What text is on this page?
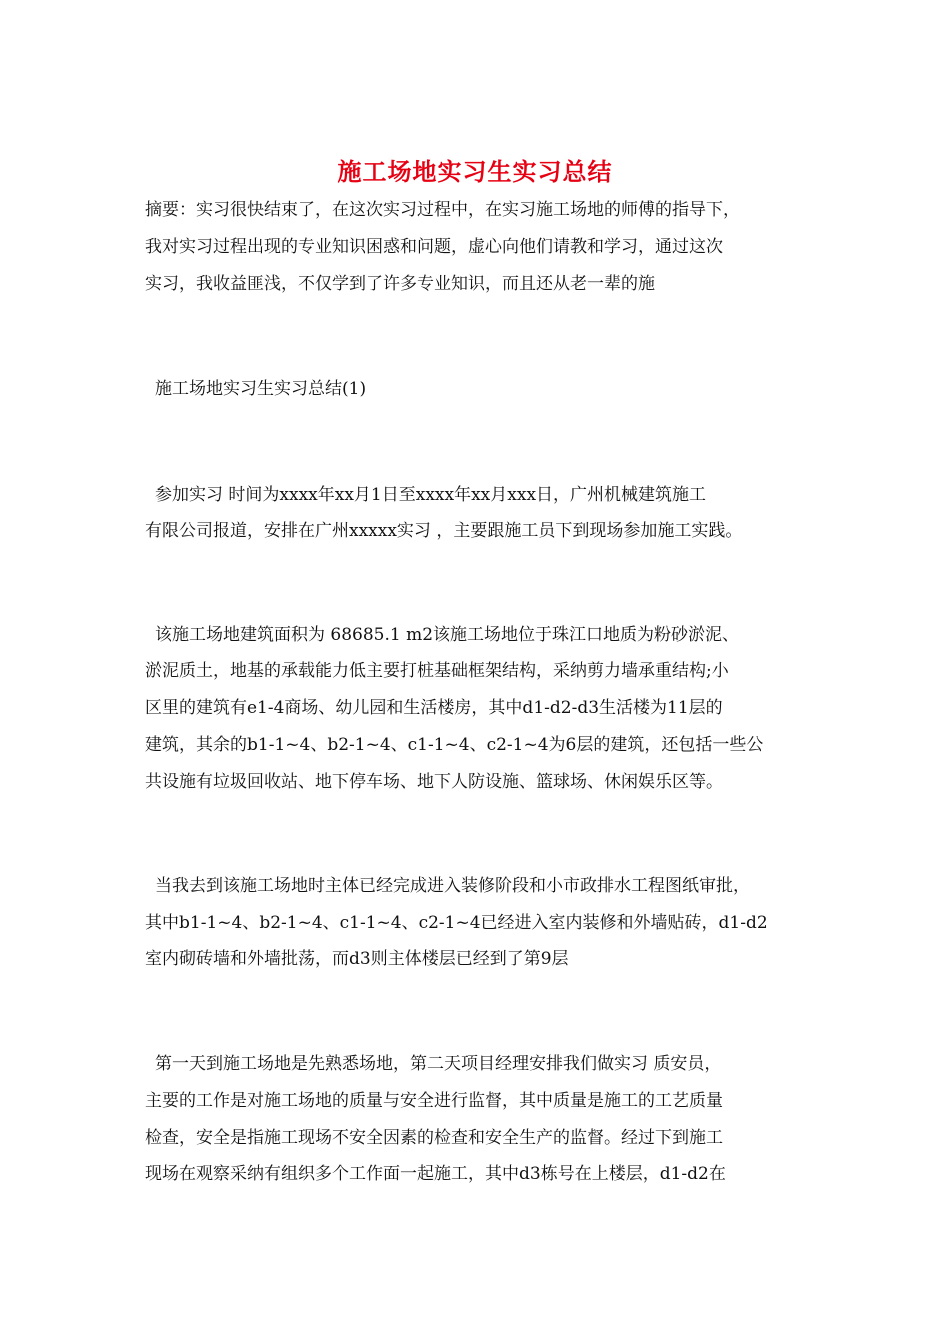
施工场地实习生实习总结
摘要：实习很快结束了，在这次实习过程中，在实习施工场地的师傅的指导下，
我对实习过程出现的专业知识困惑和问题，虚心向他们请教和学习，通过这次
实习，我收益匪浅，不仅学到了许多专业知识，而且还从老一辈的施
施工场地实习生实习总结(1)
参加实习 时间为xxxx年xx月1日至xxxx年xx月xxx日，广州机械建筑施工
有限公司报道，安排在广州xxxxx实习 ，主要跟施工员下到现场参加施工实践。
该施工场地建筑面积为 68685.1 m2该施工场地位于珠江口地质为粉砂淤泥、
淤泥质土，地基的承载能力低主要打桩基础框架结构，采纳剪力墙承重结构;小
区里的建筑有e1-4商场、幼儿园和生活楼房，其中d1-d2-d3生活楼为11层的
建筑，其余的b1-1~4、b2-1~4、c1-1~4、c2-1~4为6层的建筑，还包括一些公
共设施有垃圾回收站、地下停车场、地下人防设施、篮球场、休闲娱乐区等。
当我去到该施工场地时主体已经完成进入装修阶段和小市政排水工程图纸审批，
其中b1-1~4、b2-1~4、c1-1~4、c2-1~4已经进入室内装修和外墙贴砖，d1-d2
室内砌砖墙和外墙批荡，而d3则主体楼层已经到了第9层
第一天到施工场地是先熟悉场地，第二天项目经理安排我们做实习 质安员，
主要的工作是对施工场地的质量与安全进行监督，其中质量是施工的工艺质量
检查，安全是指施工现场不安全因素的检查和安全生产的监督。经过下到施工
现场在观察采纳有组织多个工作面一起施工，其中d3栋号在上楼层，d1-d2在
